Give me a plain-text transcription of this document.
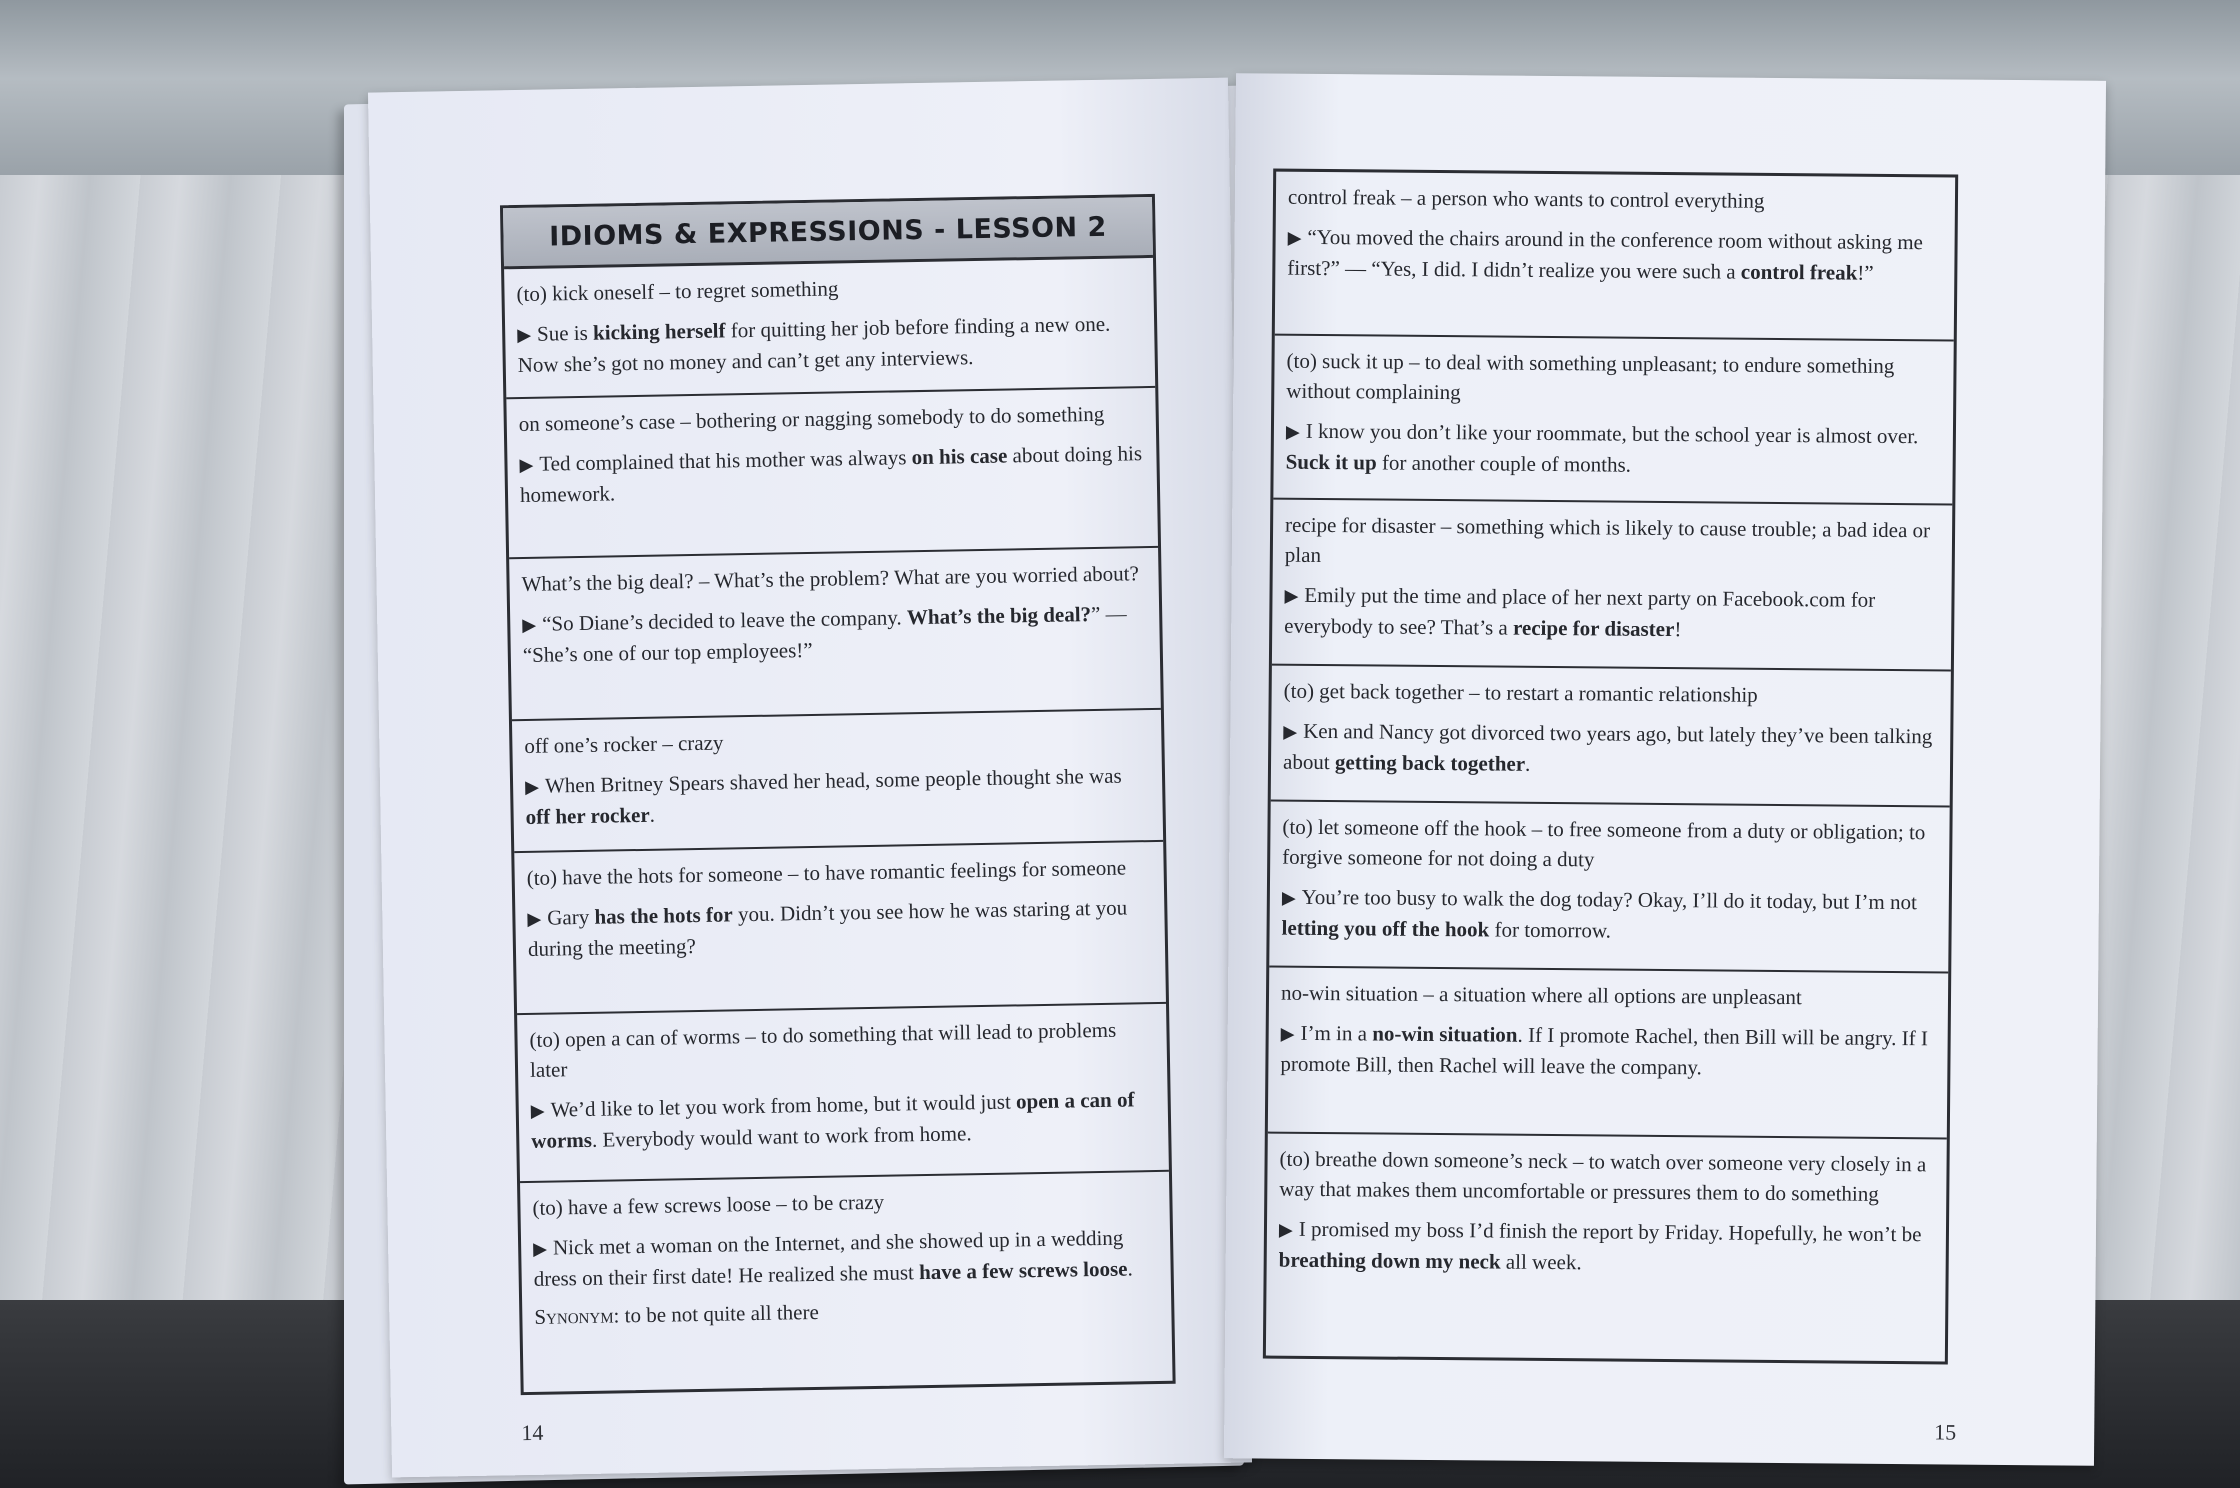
IDIOMS & EXPRESSIONS - LESSON 2

(to) kick oneself – to regret something

▶ Sue is kicking herself for quitting her job before finding a new one. Now she’s got no money and can’t get any interviews.

on someone’s case – bothering or nagging somebody to do something

▶ Ted complained that his mother was always on his case about doing his homework.

What’s the big deal? – What’s the problem? What are you worried about?

▶ “So Diane’s decided to leave the company. What’s the big deal?” — “She’s one of our top employees!”

off one’s rocker – crazy

▶ When Britney Spears shaved her head, some people thought she was off her rocker.

(to) have the hots for someone – to have romantic feelings for someone

▶ Gary has the hots for you. Didn’t you see how he was staring at you during the meeting?

(to) open a can of worms – to do something that will lead to problems later

▶ We’d like to let you work from home, but it would just open a can of worms. Everybody would want to work from home.

(to) have a few screws loose – to be crazy

▶ Nick met a woman on the Internet, and she showed up in a wedding dress on their first date! He realized she must have a few screws loose.

Synonym: to be not quite all there

14

control freak – a person who wants to control everything

▶ “You moved the chairs around in the conference room without asking me first?” — “Yes, I did. I didn’t realize you were such a control freak!”

(to) suck it up – to deal with something unpleasant; to endure something without complaining

▶ I know you don’t like your roommate, but the school year is almost over. Suck it up for another couple of months.

recipe for disaster – something which is likely to cause trouble; a bad idea or plan

▶ Emily put the time and place of her next party on Facebook.com for everybody to see? That’s a recipe for disaster!

(to) get back together – to restart a romantic relationship

▶ Ken and Nancy got divorced two years ago, but lately they’ve been talking about getting back together.

(to) let someone off the hook – to free someone from a duty or obligation; to forgive someone for not doing a duty

▶ You’re too busy to walk the dog today? Okay, I’ll do it today, but I’m not letting you off the hook for tomorrow.

no-win situation – a situation where all options are unpleasant

▶ I’m in a no-win situation. If I promote Rachel, then Bill will be angry. If I promote Bill, then Rachel will leave the company.

(to) breathe down someone’s neck – to watch over someone very closely in a way that makes them uncomfortable or pressures them to do something

▶ I promised my boss I’d finish the report by Friday. Hopefully, he won’t be breathing down my neck all week.

15
